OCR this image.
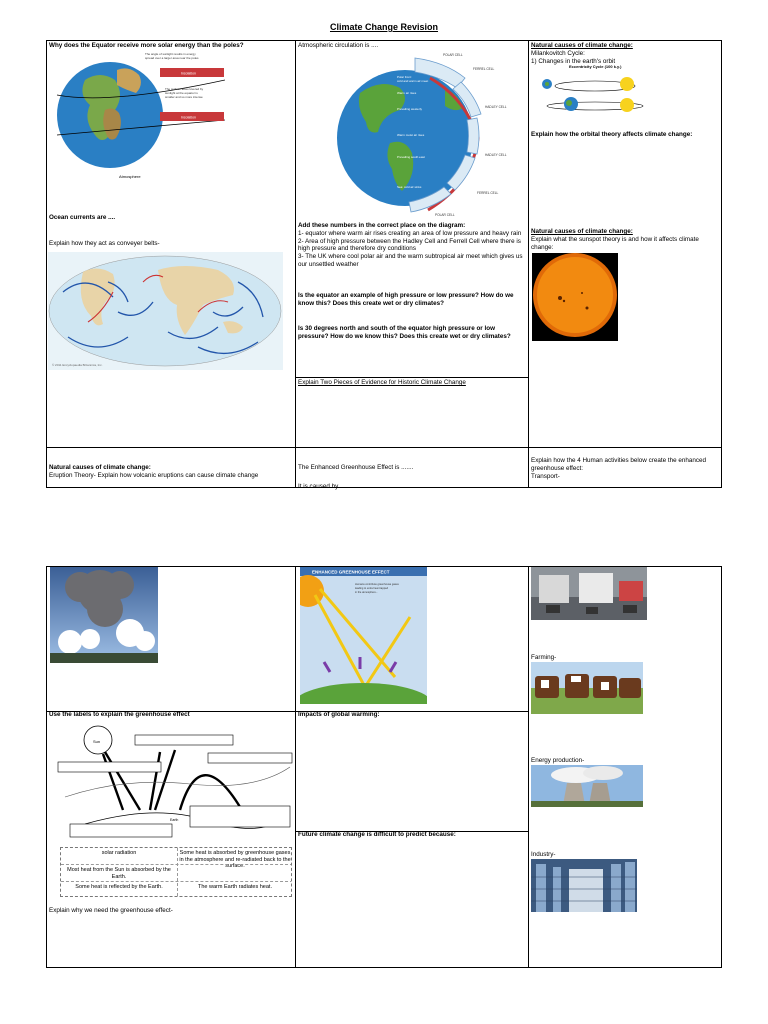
Climate Change Revision
Why does the Equator receive more solar energy than the poles?
The angle of sunlight results in energy
spread over a larger area near the poles
The surface area covered by
sunlight at the equator is
smaller and so more intense
Insolation
Insolation
Atmosphere
Ocean currents are ....
Explain how they act as conveyer belts-
© 2011 Encyclopaedia Britannica, Inc.
Atmospheric circulation is ....
Polar front:
cold and warm air meet
Warm air rises
Prevailing westerly
Warm moist air rises
Prevailing south east
Sea: cold air sinks
POLAR CELL
FERREL CELL
HADLEY CELL
HADLEY CELL
FERREL CELL
POLAR CELL
Add these numbers in the correct place on the diagram:
1- equator where warm air rises creating an area of low pressure and heavy rain
2- Area of high pressure between the Hadley Cell and Ferrell Cell where there is high pressure and therefore dry conditions
3- The UK where cool polar air and the warm subtropical air meet which gives us our unsettled weather
Is the equator an example of high pressure or low pressure? How do we know this? Does this create wet or dry climates?
Is 30 degrees north and south of the equator high pressure or low pressure? How do we know this? Does this create wet or dry climates?
Explain Two Pieces of Evidence for Historic Climate Change
Natural causes of climate change:
Milankovitch Cycle:
1) Changes in the earth's orbit
Eccentricity Cycle (100 k.y.)
Explain how the orbital theory affects climate change:
Natural causes of climate change:
Explain what the sunspot theory is and how it affects climate change:
Natural causes of climate change:
Eruption Theory- Explain how volcanic eruptions can cause climate change
The Enhanced Greenhouse Effect is .......
It is caused by ......
Explain how the 4 Human activities below create the enhanced greenhouse effect:
Transport-
ENHANCED GREENHOUSE EFFECT
Humans contribute greenhouse gases
leading to extra heat trapped
in the atmosphere...
Farming-
Energy production-
Industry-
Use the labels to explain the greenhouse effect
Sun
Earth
solar radiation	Some heat is absorbed by greenhouse gases in the atmosphere and re-radiated back to the surface.
Most heat from the Sun is absorbed by the Earth.
The warm Earth radiates heat.
Some heat is reflected by the Earth.
Explain why we need the greenhouse effect-
Impacts of global warming:
Future climate change is difficult to predict because:
